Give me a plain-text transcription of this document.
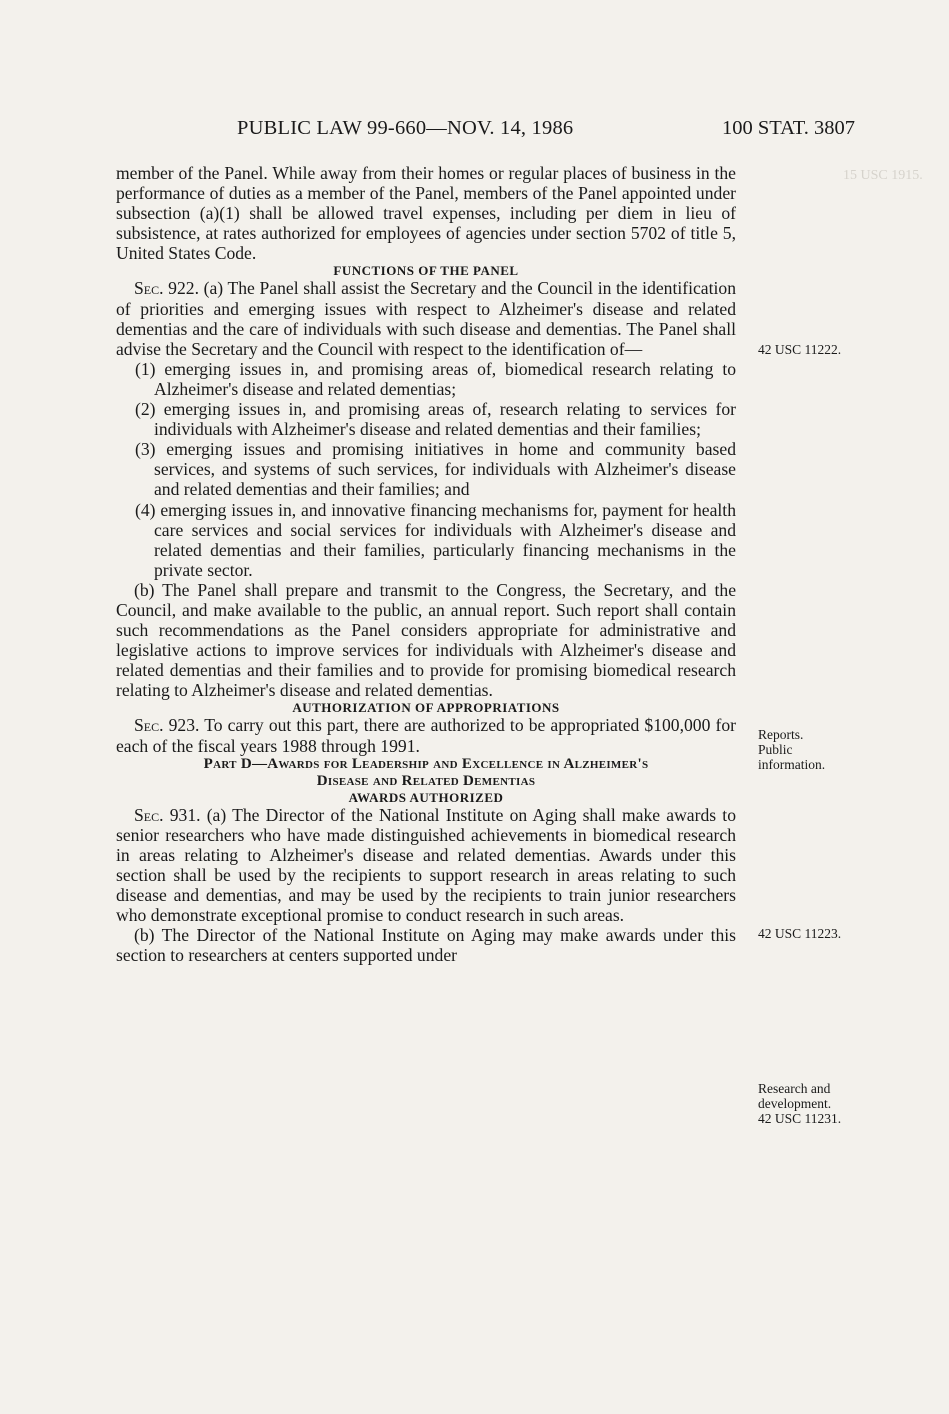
15 USC 1915.
PUBLIC LAW 99-660—NOV. 14, 1986	100 STAT. 3807

member of the Panel. While away from their homes or regular places of business in the performance of duties as a member of the Panel, members of the Panel appointed under subsection (a)(1) shall be allowed travel expenses, including per diem in lieu of subsistence, at rates authorized for employees of agencies under section 5702 of title 5, United States Code.

FUNCTIONS OF THE PANEL

Sec. 922. (a) The Panel shall assist the Secretary and the Council in the identification of priorities and emerging issues with respect to Alzheimer's disease and related dementias and the care of individuals with such disease and dementias. The Panel shall advise the Secretary and the Council with respect to the identification of—

(1) emerging issues in, and promising areas of, biomedical research relating to Alzheimer's disease and related dementias;

(2) emerging issues in, and promising areas of, research relating to services for individuals with Alzheimer's disease and related dementias and their families;

(3) emerging issues and promising initiatives in home and community based services, and systems of such services, for individuals with Alzheimer's disease and related dementias and their families; and

(4) emerging issues in, and innovative financing mechanisms for, payment for health care services and social services for individuals with Alzheimer's disease and related dementias and their families, particularly financing mechanisms in the private sector.

(b) The Panel shall prepare and transmit to the Congress, the Secretary, and the Council, and make available to the public, an annual report. Such report shall contain such recommendations as the Panel considers appropriate for administrative and legislative actions to improve services for individuals with Alzheimer's disease and related dementias and their families and to provide for promising biomedical research relating to Alzheimer's disease and related dementias.

AUTHORIZATION OF APPROPRIATIONS

Sec. 923. To carry out this part, there are authorized to be appropriated $100,000 for each of the fiscal years 1988 through 1991.

Part D—Awards for Leadership and Excellence in Alzheimer's
Disease and Related Dementias

AWARDS AUTHORIZED

Sec. 931. (a) The Director of the National Institute on Aging shall make awards to senior researchers who have made distinguished achievements in biomedical research in areas relating to Alzheimer's disease and related dementias. Awards under this section shall be used by the recipients to support research in areas relating to such disease and dementias, and may be used by the recipients to train junior researchers who demonstrate exceptional promise to conduct research in such areas.

(b) The Director of the National Institute on Aging may make awards under this section to researchers at centers supported under

42 USC 11222.
Reports.
Public
information.
42 USC 11223.
Research and
development.
42 USC 11231.
